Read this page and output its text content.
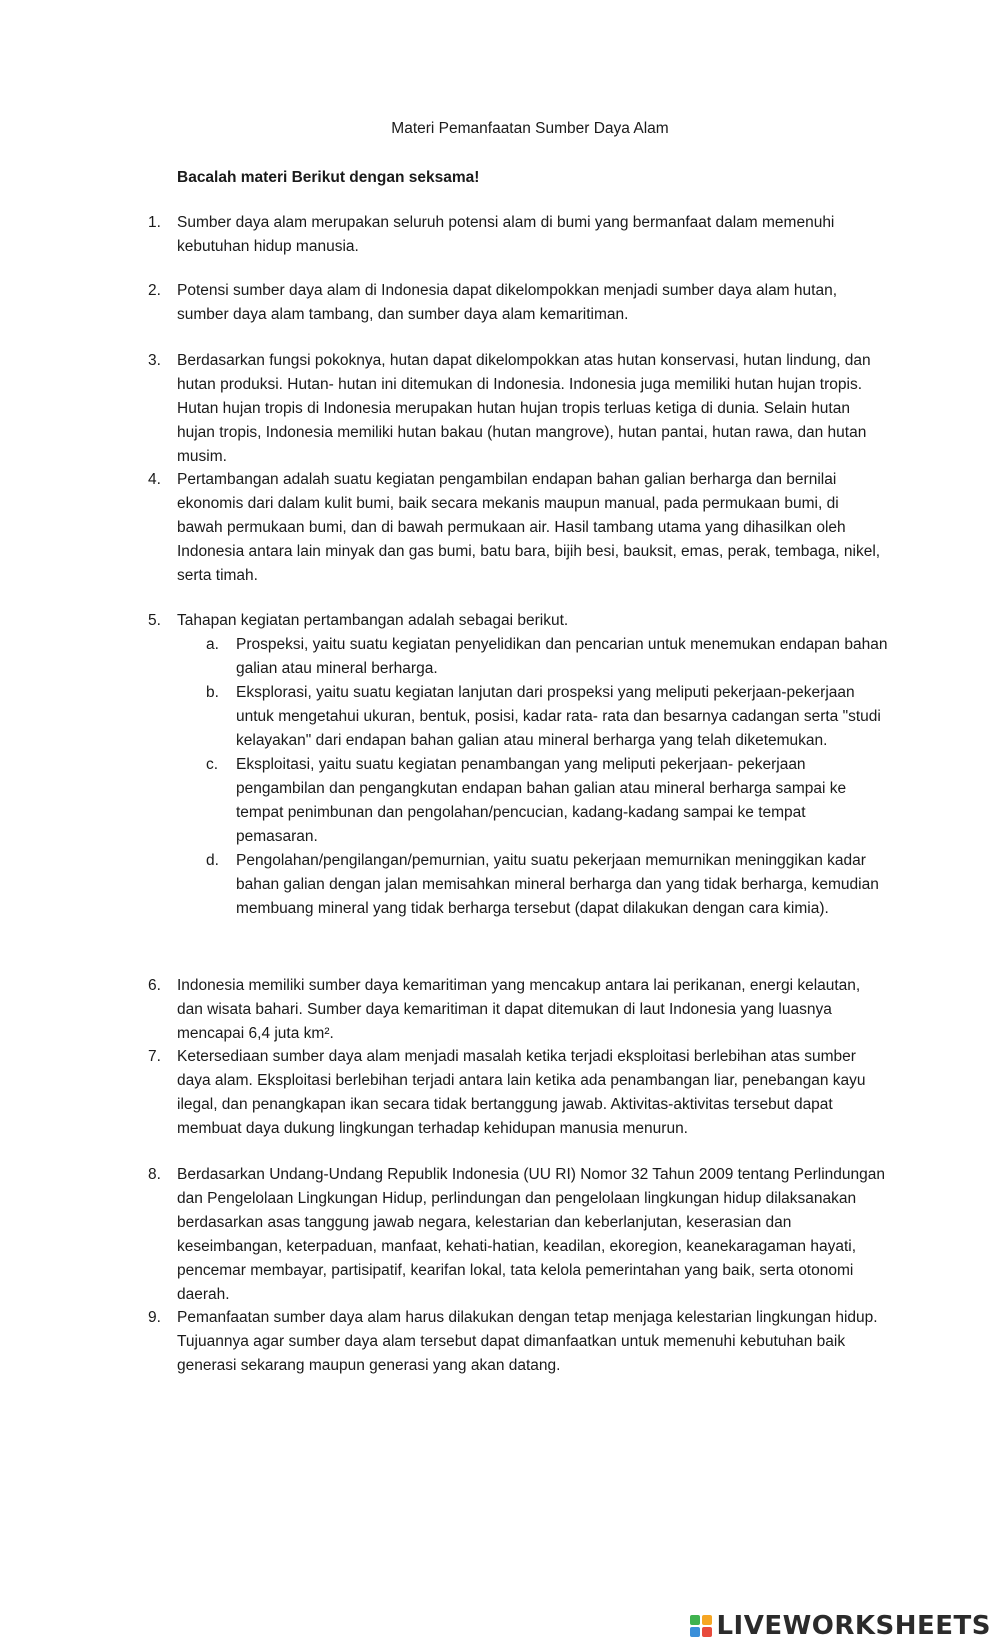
Materi Pemanfaatan Sumber Daya Alam
Bacalah materi Berikut dengan seksama!
1. Sumber daya alam merupakan seluruh potensi alam di bumi yang bermanfaat dalam memenuhi kebutuhan hidup manusia.
2. Potensi sumber daya alam di Indonesia dapat dikelompokkan menjadi sumber daya alam hutan, sumber daya alam tambang, dan sumber daya alam kemaritiman.
3. Berdasarkan fungsi pokoknya, hutan dapat dikelompokkan atas hutan konservasi, hutan lindung, dan hutan produksi. Hutan- hutan ini ditemukan di Indonesia. Indonesia juga memiliki hutan hujan tropis. Hutan hujan tropis di Indonesia merupakan hutan hujan tropis terluas ketiga di dunia. Selain hutan hujan tropis, Indonesia memiliki hutan bakau (hutan mangrove), hutan pantai, hutan rawa, dan hutan musim.
4. Pertambangan adalah suatu kegiatan pengambilan endapan bahan galian berharga dan bernilai ekonomis dari dalam kulit bumi, baik secara mekanis maupun manual, pada permukaan bumi, di bawah permukaan bumi, dan di bawah permukaan air. Hasil tambang utama yang dihasilkan oleh Indonesia antara lain minyak dan gas bumi, batu bara, bijih besi, bauksit, emas, perak, tembaga, nikel, serta timah.
5. Tahapan kegiatan pertambangan adalah sebagai berikut.
a. Prospeksi, yaitu suatu kegiatan penyelidikan dan pencarian untuk menemukan endapan bahan galian atau mineral berharga.
b. Eksplorasi, yaitu suatu kegiatan lanjutan dari prospeksi yang meliputi pekerjaan-pekerjaan untuk mengetahui ukuran, bentuk, posisi, kadar rata- rata dan besarnya cadangan serta "studi kelayakan" dari endapan bahan galian atau mineral berharga yang telah diketemukan.
c. Eksploitasi, yaitu suatu kegiatan penambangan yang meliputi pekerjaan- pekerjaan pengambilan dan pengangkutan endapan bahan galian atau mineral berharga sampai ke tempat penimbunan dan pengolahan/pencucian, kadang-kadang sampai ke tempat pemasaran.
d. Pengolahan/pengilangan/pemurnian, yaitu suatu pekerjaan memurnikan meninggikan kadar bahan galian dengan jalan memisahkan mineral berharga dan yang tidak berharga, kemudian membuang mineral yang tidak berharga tersebut (dapat dilakukan dengan cara kimia).
6. Indonesia memiliki sumber daya kemaritiman yang mencakup antara lai perikanan, energi kelautan, dan wisata bahari. Sumber daya kemaritiman it dapat ditemukan di laut Indonesia yang luasnya mencapai 6,4 juta km².
7. Ketersediaan sumber daya alam menjadi masalah ketika terjadi eksploitasi berlebihan atas sumber daya alam. Eksploitasi berlebihan terjadi antara lain ketika ada penambangan liar, penebangan kayu ilegal, dan penangkapan ikan secara tidak bertanggung jawab. Aktivitas-aktivitas tersebut dapat membuat daya dukung lingkungan terhadap kehidupan manusia menurun.
8. Berdasarkan Undang-Undang Republik Indonesia (UU RI) Nomor 32 Tahun 2009 tentang Perlindungan dan Pengelolaan Lingkungan Hidup, perlindungan dan pengelolaan lingkungan hidup dilaksanakan berdasarkan asas tanggung jawab negara, kelestarian dan keberlanjutan, keserasian dan keseimbangan, keterpaduan, manfaat, kehati-hatian, keadilan, ekoregion, keanekaragaman hayati, pencemar membayar, partisipatif, kearifan lokal, tata kelola pemerintahan yang baik, serta otonomi daerah.
9. Pemanfaatan sumber daya alam harus dilakukan dengan tetap menjaga kelestarian lingkungan hidup. Tujuannya agar sumber daya alam tersebut dapat dimanfaatkan untuk memenuhi kebutuhan baik generasi sekarang maupun generasi yang akan datang.
LIVEWORKSHEETS
